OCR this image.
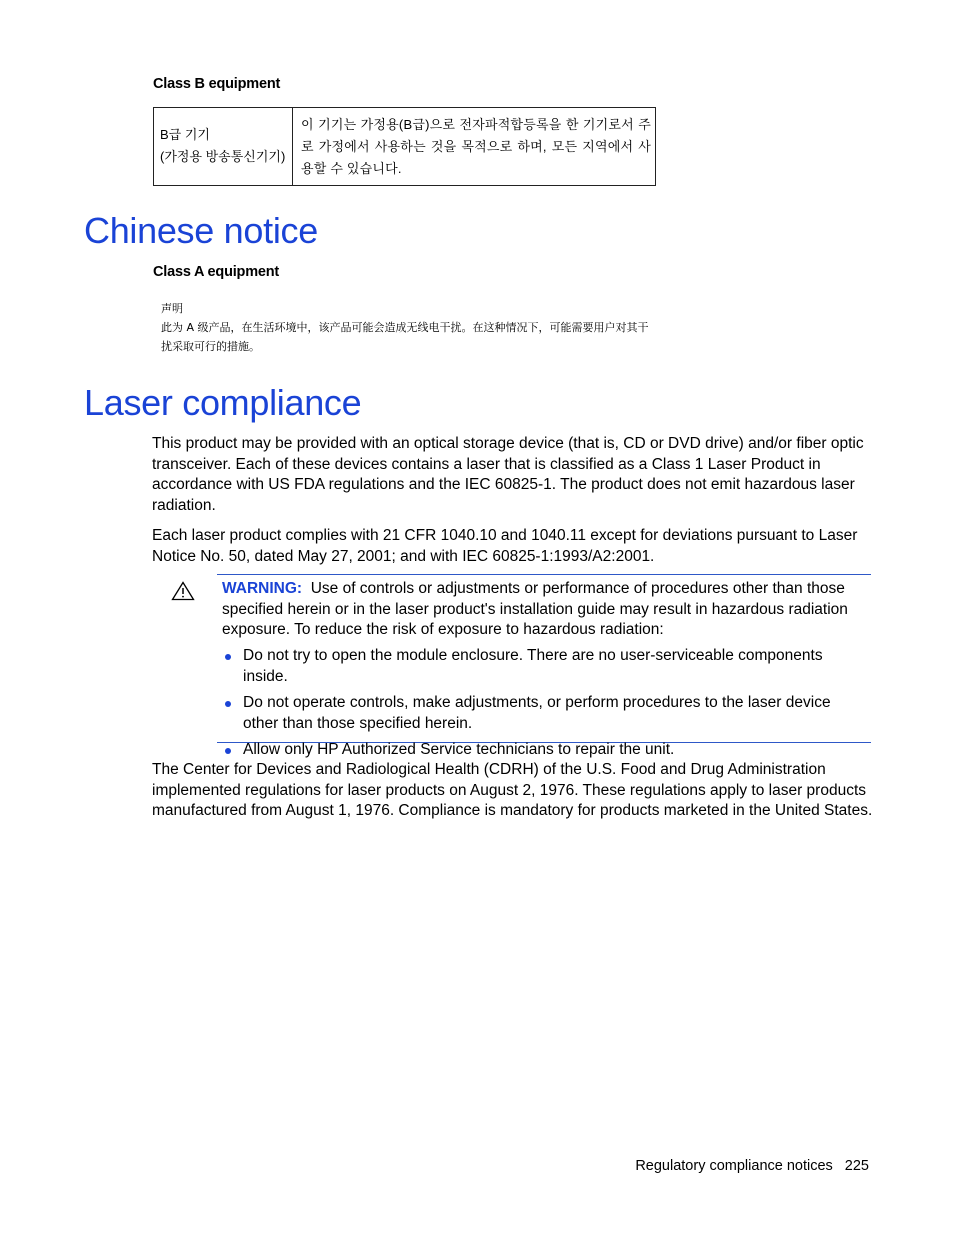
Class B equipment
B급 기기
(가정용 방송통신기기)
이 기기는 가정용(B급)으로 전자파적합등록을 한 기기로서 주로 가정에서 사용하는 것을 목적으로 하며, 모든 지역에서 사용할 수 있습니다.
Chinese notice
Class A equipment
声明
此为 A 级产品，在生活环境中，该产品可能会造成无线电干扰。在这种情况下，可能需要用户对其干扰采取可行的措施。
Laser compliance

This product may be provided with an optical storage device (that is, CD or DVD drive) and/or fiber optic transceiver. Each of these devices contains a laser that is classified as a Class 1 Laser Product in accordance with US FDA regulations and the IEC 60825-1. The product does not emit hazardous laser radiation.

Each laser product complies with 21 CFR 1040.10 and 1040.11 except for deviations pursuant to Laser Notice No. 50, dated May 27, 2001; and with IEC 60825-1:1993/A2:2001.

WARNING: Use of controls or adjustments or performance of procedures other than those specified herein or in the laser product's installation guide may result in hazardous radiation exposure. To reduce the risk of exposure to hazardous radiation:
Do not try to open the module enclosure. There are no user-serviceable components inside.
Do not operate controls, make adjustments, or perform procedures to the laser device other than those specified herein.
Allow only HP Authorized Service technicians to repair the unit.

The Center for Devices and Radiological Health (CDRH) of the U.S. Food and Drug Administration implemented regulations for laser products on August 2, 1976. These regulations apply to laser products manufactured from August 1, 1976. Compliance is mandatory for products marketed in the United States.

Regulatory compliance notices 225
